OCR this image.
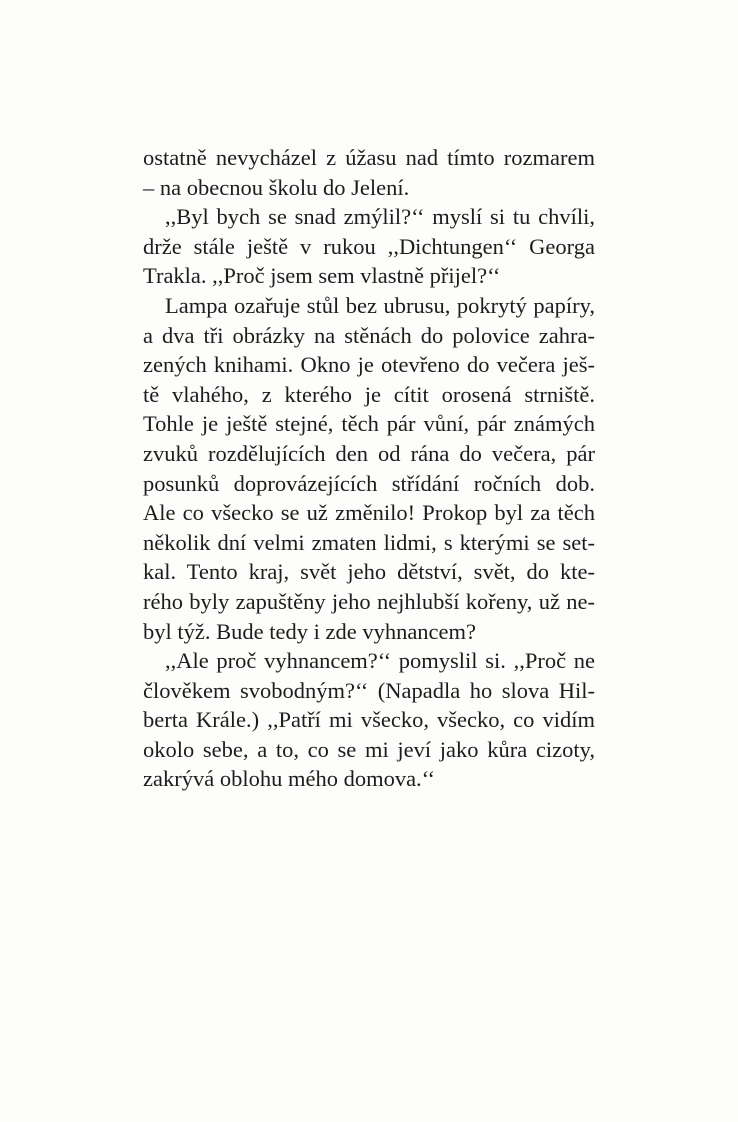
ostatně nevycházel z úžasu nad tímto rozmarem
– na obecnou školu do Jelení.
,,Byl bych se snad zmýlil?‘‘ myslí si tu chvíli,
drže stále ještě v rukou ,,Dichtungen‘‘ Georga
Trakla. ,,Proč jsem sem vlastně přijel?‘‘
Lampa ozařuje stůl bez ubrusu, pokrytý papíry,
a dva tři obrázky na stěnách do polovice zahra-
zených knihami. Okno je otevřeno do večera ješ-
tě vlahého, z kterého je cítit orosená strniště.
Tohle je ještě stejné, těch pár vůní, pár známých
zvuků rozdělujících den od rána do večera, pár
posunků doprovázejících střídání ročních dob.
Ale co všecko se už změnilo! Prokop byl za těch
několik dní velmi zmaten lidmi, s kterými se set-
kal. Tento kraj, svět jeho dětství, svět, do kte-
rého byly zapuštěny jeho nejhlubší kořeny, už ne-
byl týž. Bude tedy i zde vyhnancem?
,,Ale proč vyhnancem?‘‘ pomyslil si. ,,Proč ne
člověkem svobodným?‘‘ (Napadla ho slova Hil-
berta Krále.) ,,Patří mi všecko, všecko, co vidím
okolo sebe, a to, co se mi jeví jako kůra cizoty,
zakrývá oblohu mého domova.‘‘
